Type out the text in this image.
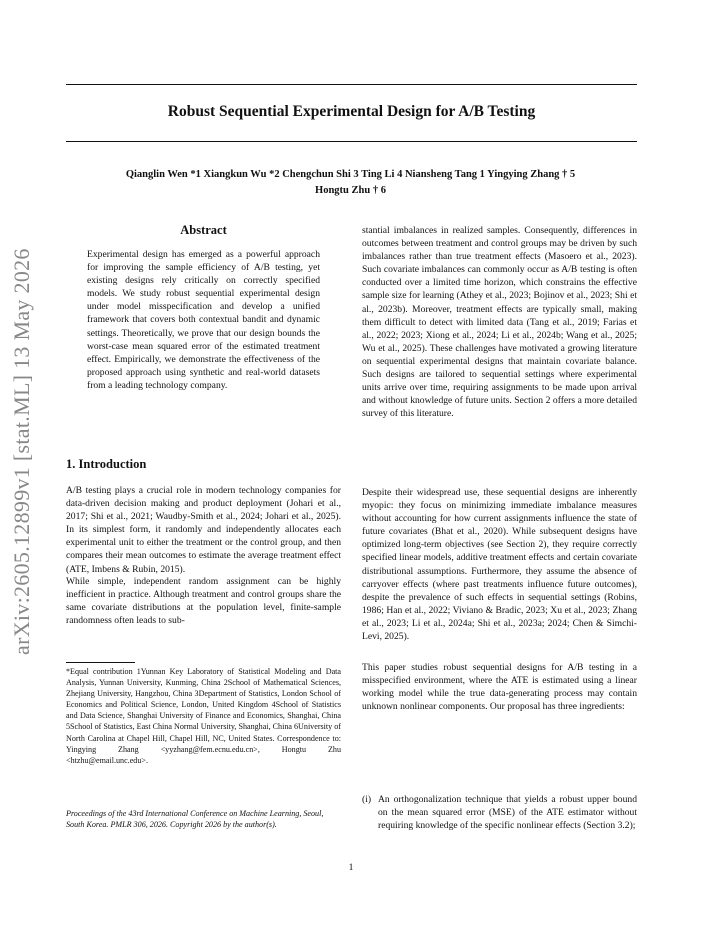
Robust Sequential Experimental Design for A/B Testing
Qianglin Wen *1 Xiangkun Wu *2 Chengchun Shi 3 Ting Li 4 Niansheng Tang 1 Yingying Zhang † 5
Hongtu Zhu † 6
arXiv:2605.12899v1 [stat.ML] 13 May 2026
Abstract
Experimental design has emerged as a powerful approach for improving the sample efficiency of A/B testing, yet existing designs rely critically on correctly specified models. We study robust sequential experimental design under model misspecification and develop a unified framework that covers both contextual bandit and dynamic settings. Theoretically, we prove that our design bounds the worst-case mean squared error of the estimated treatment effect. Empirically, we demonstrate the effectiveness of the proposed approach using synthetic and real-world datasets from a leading technology company.
1. Introduction

A/B testing plays a crucial role in modern technology companies for data-driven decision making and product deployment (Johari et al., 2017; Shi et al., 2021; Waudby-Smith et al., 2024; Johari et al., 2025). In its simplest form, it randomly and independently allocates each experimental unit to either the treatment or the control group, and then compares their mean outcomes to estimate the average treatment effect (ATE, Imbens & Rubin, 2015).

While simple, independent random assignment can be highly inefficient in practice. Although treatment and control groups share the same covariate distributions at the population level, finite-sample randomness often leads to sub-

*Equal contribution 1Yunnan Key Laboratory of Statistical Modeling and Data Analysis, Yunnan University, Kunming, China 2School of Mathematical Sciences, Zhejiang University, Hangzhou, China 3Department of Statistics, London School of Economics and Political Science, London, United Kingdom 4School of Statistics and Data Science, Shanghai University of Finance and Economics, Shanghai, China 5School of Statistics, East China Normal University, Shanghai, China 6University of North Carolina at Chapel Hill, Chapel Hill, NC, United States. Correspondence to: Yingying Zhang <yyzhang@fem.ecnu.edu.cn>, Hongtu Zhu <htzhu@email.unc.edu>.
Proceedings of the 43rd International Conference on Machine Learning, Seoul, South Korea. PMLR 306, 2026. Copyright 2026 by the author(s).

stantial imbalances in realized samples. Consequently, differences in outcomes between treatment and control groups may be driven by such imbalances rather than true treatment effects (Masoero et al., 2023). Such covariate imbalances can commonly occur as A/B testing is often conducted over a limited time horizon, which constrains the effective sample size for learning (Athey et al., 2023; Bojinov et al., 2023; Shi et al., 2023b). Moreover, treatment effects are typically small, making them difficult to detect with limited data (Tang et al., 2019; Farias et al., 2022; 2023; Xiong et al., 2024; Li et al., 2024b; Wang et al., 2025; Wu et al., 2025). These challenges have motivated a growing literature on sequential experimental designs that maintain covariate balance. Such designs are tailored to sequential settings where experimental units arrive over time, requiring assignments to be made upon arrival and without knowledge of future units. Section 2 offers a more detailed survey of this literature.

Despite their widespread use, these sequential designs are inherently myopic: they focus on minimizing immediate imbalance measures without accounting for how current assignments influence the state of future covariates (Bhat et al., 2020). While subsequent designs have optimized long-term objectives (see Section 2), they require correctly specified linear models, additive treatment effects and certain covariate distributional assumptions. Furthermore, they assume the absence of carryover effects (where past treatments influence future outcomes), despite the prevalence of such effects in sequential settings (Robins, 1986; Han et al., 2022; Viviano & Bradic, 2023; Xu et al., 2023; Zhang et al., 2023; Li et al., 2024a; Shi et al., 2023a; 2024; Chen & Simchi-Levi, 2025).

This paper studies robust sequential designs for A/B testing in a misspecified environment, where the ATE is estimated using a linear working model while the true data-generating process may contain unknown nonlinear components. Our proposal has three ingredients:

(i) An orthogonalization technique that yields a robust upper bound on the mean squared error (MSE) of the ATE estimator without requiring knowledge of the specific nonlinear effects (Section 3.2);
1
